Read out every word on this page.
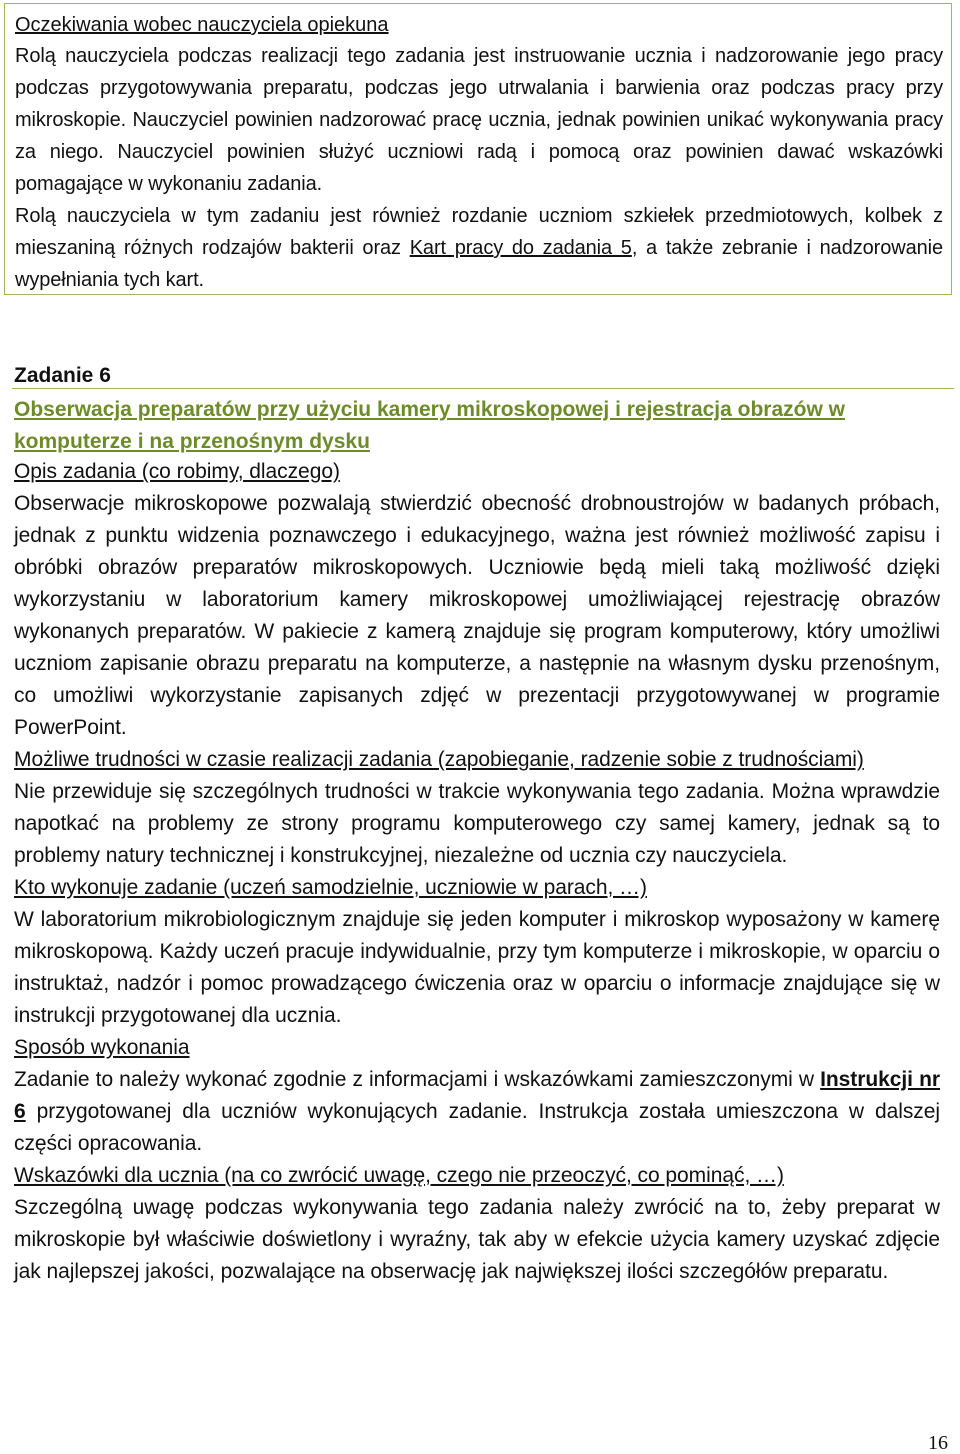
Oczekiwania wobec nauczyciela opiekuna

Rolą nauczyciela podczas realizacji tego zadania jest instruowanie ucznia i nadzorowanie jego pracy podczas przygotowywania preparatu, podczas jego utrwalania i barwienia oraz podczas pracy przy mikroskopie. Nauczyciel powinien nadzorować pracę ucznia, jednak powinien unikać wykonywania pracy za niego. Nauczyciel powinien służyć uczniowi radą i pomocą oraz powinien dawać wskazówki pomagające w wykonaniu zadania.

Rolą nauczyciela w tym zadaniu jest również rozdanie uczniom szkiełek przedmiotowych, kolbek z mieszaniną różnych rodzajów bakterii oraz Kart pracy do zadania 5, a także zebranie i nadzorowanie wypełniania tych kart.

Zadanie 6
Obserwacja preparatów przy użyciu kamery mikroskopowej i rejestracja obrazów w komputerze i na przenośnym dysku

Opis zadania (co robimy, dlaczego)

Obserwacje mikroskopowe pozwalają stwierdzić obecność drobnoustrojów w badanych próbach, jednak z punktu widzenia poznawczego i edukacyjnego, ważna jest również możliwość zapisu i obróbki obrazów preparatów mikroskopowych. Uczniowie będą mieli taką możliwość dzięki wykorzystaniu w laboratorium kamery mikroskopowej umożliwiającej rejestrację obrazów wykonanych preparatów. W pakiecie z kamerą znajduje się program komputerowy, który umożliwi uczniom zapisanie obrazu preparatu na komputerze, a następnie na własnym dysku przenośnym, co umożliwi wykorzystanie zapisanych zdjęć w prezentacji przygotowywanej w programie PowerPoint.

Możliwe trudności w czasie realizacji zadania (zapobieganie, radzenie sobie z trudnościami)

Nie przewiduje się szczególnych trudności w trakcie wykonywania tego zadania. Można wprawdzie napotkać na problemy ze strony programu komputerowego czy samej kamery, jednak są to problemy natury technicznej i konstrukcyjnej, niezależne od ucznia czy nauczyciela.

Kto wykonuje zadanie (uczeń samodzielnie, uczniowie w parach, …)

W laboratorium mikrobiologicznym znajduje się jeden komputer i mikroskop wyposażony w kamerę mikroskopową. Każdy uczeń pracuje indywidualnie, przy tym komputerze i mikroskopie, w oparciu o instruktaż, nadzór i pomoc prowadzącego ćwiczenia oraz w oparciu o informacje znajdujące się w instrukcji przygotowanej dla ucznia.

Sposób wykonania

Zadanie to należy wykonać zgodnie z informacjami i wskazówkami zamieszczonymi w Instrukcji nr 6 przygotowanej dla uczniów wykonujących zadanie. Instrukcja została umieszczona w dalszej części opracowania.

Wskazówki dla ucznia (na co zwrócić uwagę, czego nie przeoczyć, co pominąć, …)

Szczególną uwagę podczas wykonywania tego zadania należy zwrócić na to, żeby preparat w mikroskopie był właściwie doświetlony i wyraźny, tak aby w efekcie użycia kamery uzyskać zdjęcie jak najlepszej jakości, pozwalające na obserwację jak największej ilości szczegółów preparatu.

16
